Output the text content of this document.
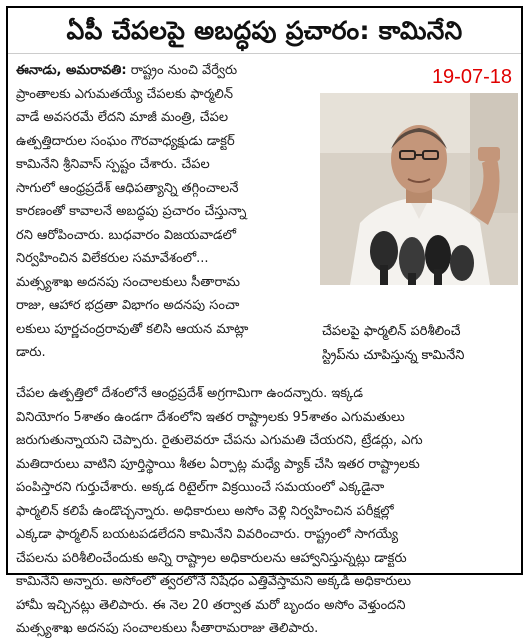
ఏపీ చేపలపై అబద్ధపు ప్రచారం: కామినేని

ఈనాడు, అమరావతి: రాష్ట్రం నుంచి వేర్వేరు

ప్రాంతాలకు ఎగుమతయ్యే చేపలకు ఫార్మలిన్

వాడే అవసరమే లేదని మాజీ మంత్రి, చేపల

ఉత్పత్తిదారుల సంఘం గౌరవాధ్యక్షుడు డాక్టర్

కామినేని శ్రీనివాస్ స్పష్టం చేశారు. చేపల

సాగులో ఆంధ్రప్రదేశ్ ఆధిపత్యాన్ని తగ్గించాలనే

కారణంతో కావాలనే అబద్ధపు ప్రచారం చేస్తున్నా

రని ఆరోపించారు. బుధవారం విజయవాడలో

నిర్వహించిన విలేకరుల సమావేశంలో...

మత్స్యశాఖ అదనపు సంచాలకులు సీతారామ

రాజు, ఆహార భద్రతా విభాగం అదనపు సంచా

లకులు పూర్ణచంద్రరావుతో కలిసి ఆయన మాట్లా

డారు.

19-07-18

చేపలపై ఫార్మలిన్ పరిశీలించే

స్ట్రిప్‌ను చూపిస్తున్న కామినేని

చేపల ఉత్పత్తిలో దేశంలోనే ఆంధ్రప్రదేశ్ అగ్రగామిగా ఉందన్నారు. ఇక్కడ

వినియోగం 5శాతం ఉండగా దేశంలోని ఇతర రాష్ట్రాలకు 95శాతం ఎగుమతులు

జరుగుతున్నాయని చెప్పారు. రైతులెవరూ చేపను ఎగుమతి చేయరని, ట్రేడర్లు, ఎగు

మతిదారులు వాటిని పూర్తిస్థాయి శీతల ఏర్పాట్ల మధ్యే ప్యాక్ చేసి ఇతర రాష్ట్రాలకు

పంపిస్తారని గుర్తుచేశారు. అక్కడ రిటైల్‌గా విక్రయించే సమయంలో ఎక్కడైనా

ఫార్మలిన్ కలిపే ఉండొచ్చన్నారు. అధికారులు అసోం వెళ్లి నిర్వహించిన పరీక్షల్లో

ఎక్కడా ఫార్మలిన్ బయటపడలేదని కామినేని వివరించారు. రాష్ట్రంలో సాగయ్యే

చేపలను పరిశీలించేందుకు అన్ని రాష్ట్రాల అధికారులను ఆహ్వానిస్తున్నట్లు డాక్టరు

కామినేని అన్నారు. అసోంలో త్వరలోనే నిషేధం ఎత్తివేస్తామని అక్కడి అధికారులు

హామీ ఇచ్చినట్లు తెలిపారు. ఈ నెల 20 తర్వాత మరో బృందం అసోం వెళ్తుందని

మత్స్యశాఖ అదనపు సంచాలకులు సీతారామరాజు తెలిపారు.
